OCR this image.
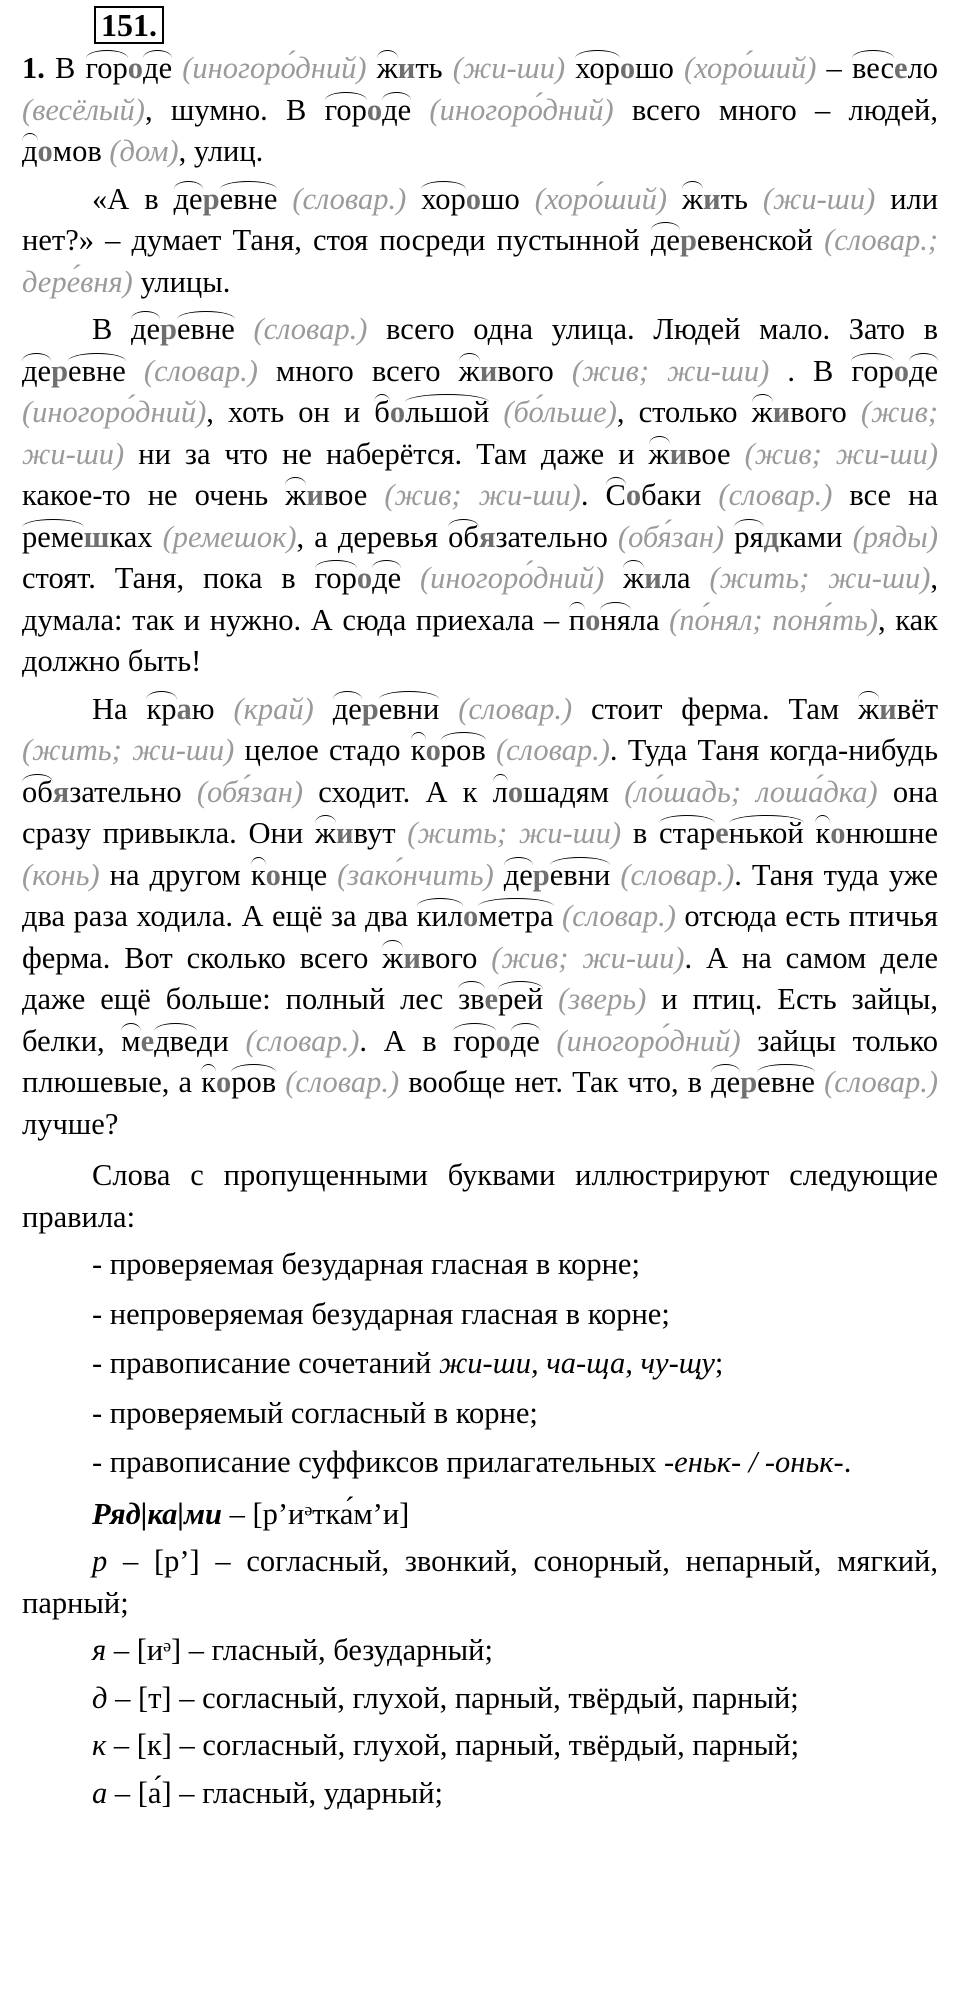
151.

1. В городе (иногоро́дний) жить (жи-ши) хорошо (хоро́ший) – весело (весёлый), шумно. В городе (иногоро́дний) всего много – людей, домов (дом), улиц.

«А в деревне (словар.) хорошо (хоро́ший) жить (жи-ши) или нет?» – думает Таня, стоя посреди пустынной деревенской (словар.; дере́вня) улицы.

В деревне (словар.) всего одна улица. Людей мало. Зато в деревне (словар.) много всего живого (жив; жи-ши) . В городе (иногоро́дний), хоть он и большой (бо́льше), столько живого (жив; жи-ши) ни за что не наберётся. Там даже и живое (жив; жи-ши) какое-то не очень живое (жив; жи-ши). Собаки (словар.) все на ремешках (ремешок), а деревья обязательно (обя́зан) рядками (ряды) стоят. Таня, пока в городе (иногоро́дний) жила (жить; жи-ши), думала: так и нужно. А сюда приехала – поняла (по́нял; поня́ть), как должно быть!

На краю (край) деревни (словар.) стоит ферма. Там живёт (жить; жи-ши) целое стадо коров (словар.). Туда Таня когда-нибудь обязательно (обя́зан) сходит. А к лошадям (ло́шадь; лоша́дка) она сразу привыкла. Они живут (жить; жи-ши) в старенькой конюшне (конь) на другом конце (зако́нчить) деревни (словар.). Таня туда уже два раза ходила. А ещё за два километра (словар.) отсюда есть птичья ферма. Вот сколько всего живого (жив; жи-ши). А на самом деле даже ещё больше: полный лес зверей (зверь) и птиц. Есть зайцы, белки, медведи (словар.). А в городе (иногоро́дний) зайцы только плюшевые, а коров (словар.) вообще нет. Так что, в деревне (словар.) лучше?

Слова с пропущенными буквами иллюстрируют следующие правила:

- проверяемая безударная гласная в корне;

- непроверяемая безударная гласная в корне;

- правописание сочетаний жи-ши, ча-ща, чу-щу;

- проверяемый согласный в корне;

- правописание суффиксов прилагательных -еньк- / -оньк-.

Ряд|ка|ми – [р’иᵊтка́м’и]

р – [р’] – согласный, звонкий, сонорный, непарный, мягкий, парный;

я – [иᵊ] – гласный, безударный;

д – [т] – согласный, глухой, парный, твёрдый, парный;

к – [к] – согласный, глухой, парный, твёрдый, парный;

а – [а́] – гласный, ударный;
